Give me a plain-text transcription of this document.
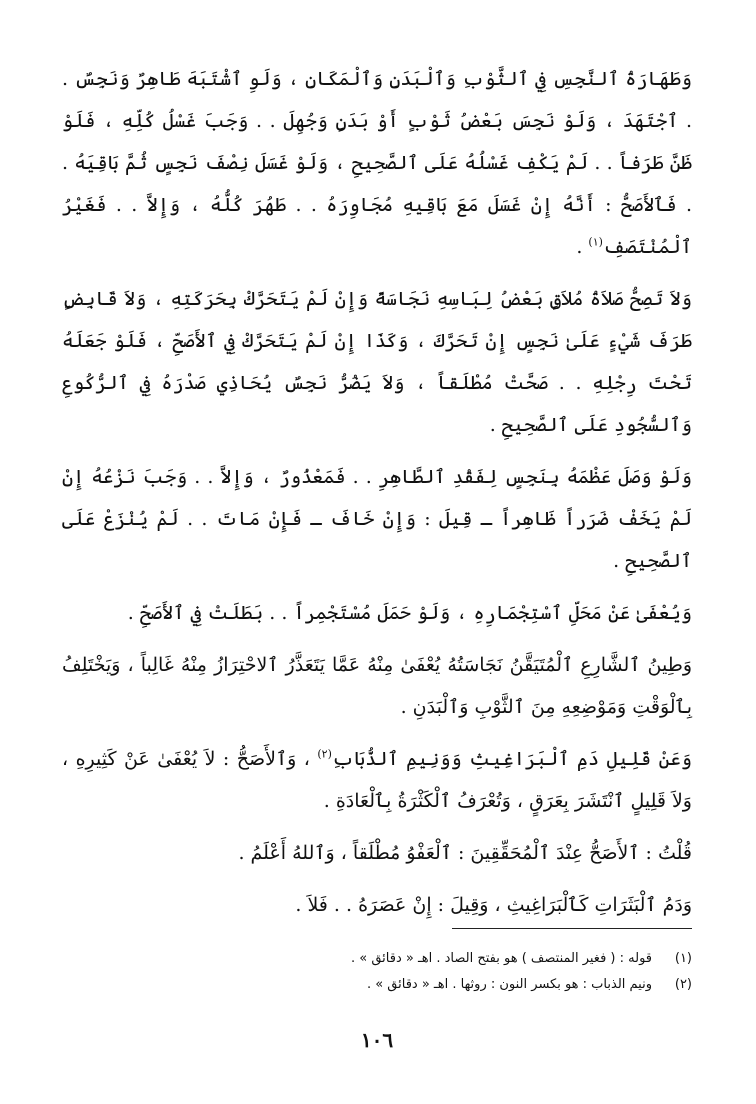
وَطَهَارَةُ ٱلنَّجِسِ فِي ٱلثَّوْبِ وَٱلْبَدَنِ وَٱلْمَكَانِ ، وَلَوِ ٱشْتَبَهَ طَاهِرٌ وَنَجِسٌ . . ٱجْتَهَدَ ، وَلَوْ نَجِسَ بَعْضُ ثَوْبٍ أَوْ بَدَنٍ وَجُهِلَ . . وَجَبَ غَسْلُ كُلِّهِ ، فَلَوْ ظَنَّ طَرَفاً . . لَمْ يَكْفِ غَسْلُهُ عَلَى ٱلصَّحِيحِ ، وَلَوْ غَسَلَ نِصْفَ نَجِسٍ ثُمَّ بَاقِيَهُ . . فَٱلأَصَحُّ : أَنَّهُ إِنْ غَسَلَ مَعَ بَاقِيهِ مُجَاوِرَهُ . . طَهُرَ كُلُّهُ ، وَإِلاَّ . . فَغَيْرُ ٱلْمُنْتَصَفِ$^{(١)}$ .

وَلاَ تَصِحُّ صَلاَةُ مُلاَقٍ بَعْضُ لِبَاسِهِ نَجَاسَةً وَإِنْ لَمْ يَتَحَرَّكْ بِحَرَكَتِهِ ، وَلاَ قَابِضٍ طَرَفَ شَيْءٍ عَلَىٰ نَجِسٍ إِنْ تَحَرَّكَ ، وَكَذَا إِنْ لَمْ يَتَحَرَّكْ فِي ٱلأَصَحِّ ، فَلَوْ جَعَلَهُ تَحْتَ رِجْلِهِ . . صَحَّتْ مُطْلَقاً ، وَلاَ يَضُرُّ نَجِسٌ يُحَاذِي صَدْرَهُ فِي ٱلرُّكُوعِ وَٱلسُّجُودِ عَلَى ٱلصَّحِيحِ .

وَلَوْ وَصَلَ عَظْمَهُ بِنَجِسٍ لِفَقْدِ ٱلطَّاهِرِ . . فَمَعْذُورٌ ، وَإِلاَّ . . وَجَبَ نَزْعُهُ إِنْ لَمْ يَخَفْ ضَرَراً ظَاهِراً ـ قِيلَ : وَإِنْ خَافَ ـ فَإِنْ مَاتَ . . لَمْ يُنْزَعْ عَلَى ٱلصَّحِيحِ .

وَيُعْفَىٰ عَنْ مَحَلِّ ٱسْتِجْمَارِهِ ، وَلَوْ حَمَلَ مُسْتَجْمِراً . . بَطَلَتْ فِي ٱلأَصَحِّ .

وَطِينُ ٱلشَّارِعِ ٱلْمُتَيَقَّنُ نَجَاسَتُهُ يُعْفَىٰ مِنْهُ عَمَّا يَتَعَذَّرُ ٱلاحْتِرَازُ مِنْهُ غَالِباً ، وَيَخْتَلِفُ بِٱلْوَقْتِ وَمَوْضِعِهِ مِنَ ٱلثَّوْبِ وَٱلْبَدَنِ .

وَعَنْ قَلِيلِ دَمِ ٱلْبَرَاغِيثِ وَوَنِيمِ ٱلذُّبَابِ$^{(٢)}$ ، وَٱلأَصَحُّ : لاَ يُعْفَىٰ عَنْ كَثِيرِهِ ، وَلاَ قَلِيلٍ ٱنْتَشَرَ بِعَرَقٍ ، وَتُعْرَفُ ٱلْكَثْرَةُ بِٱلْعَادَةِ .

قُلْتُ : ٱلأَصَحُّ عِنْدَ ٱلْمُحَقِّقِينَ : ٱلْعَفْوُ مُطْلَقاً ، وَٱللهُ أَعْلَمُ .

وَدَمُ ٱلْبَثَرَاتِ كَٱلْبَرَاغِيثِ ، وَقِيلَ : إِنْ عَصَرَهُ . . فَلاَ .

(١)
قوله : ( فغير المنتصف ) هو بفتح الصاد . اهـ « دقائق » .
(٢)
ونيم الذباب : هو بكسر النون : روثها . اهـ « دقائق » .
١٠٦
